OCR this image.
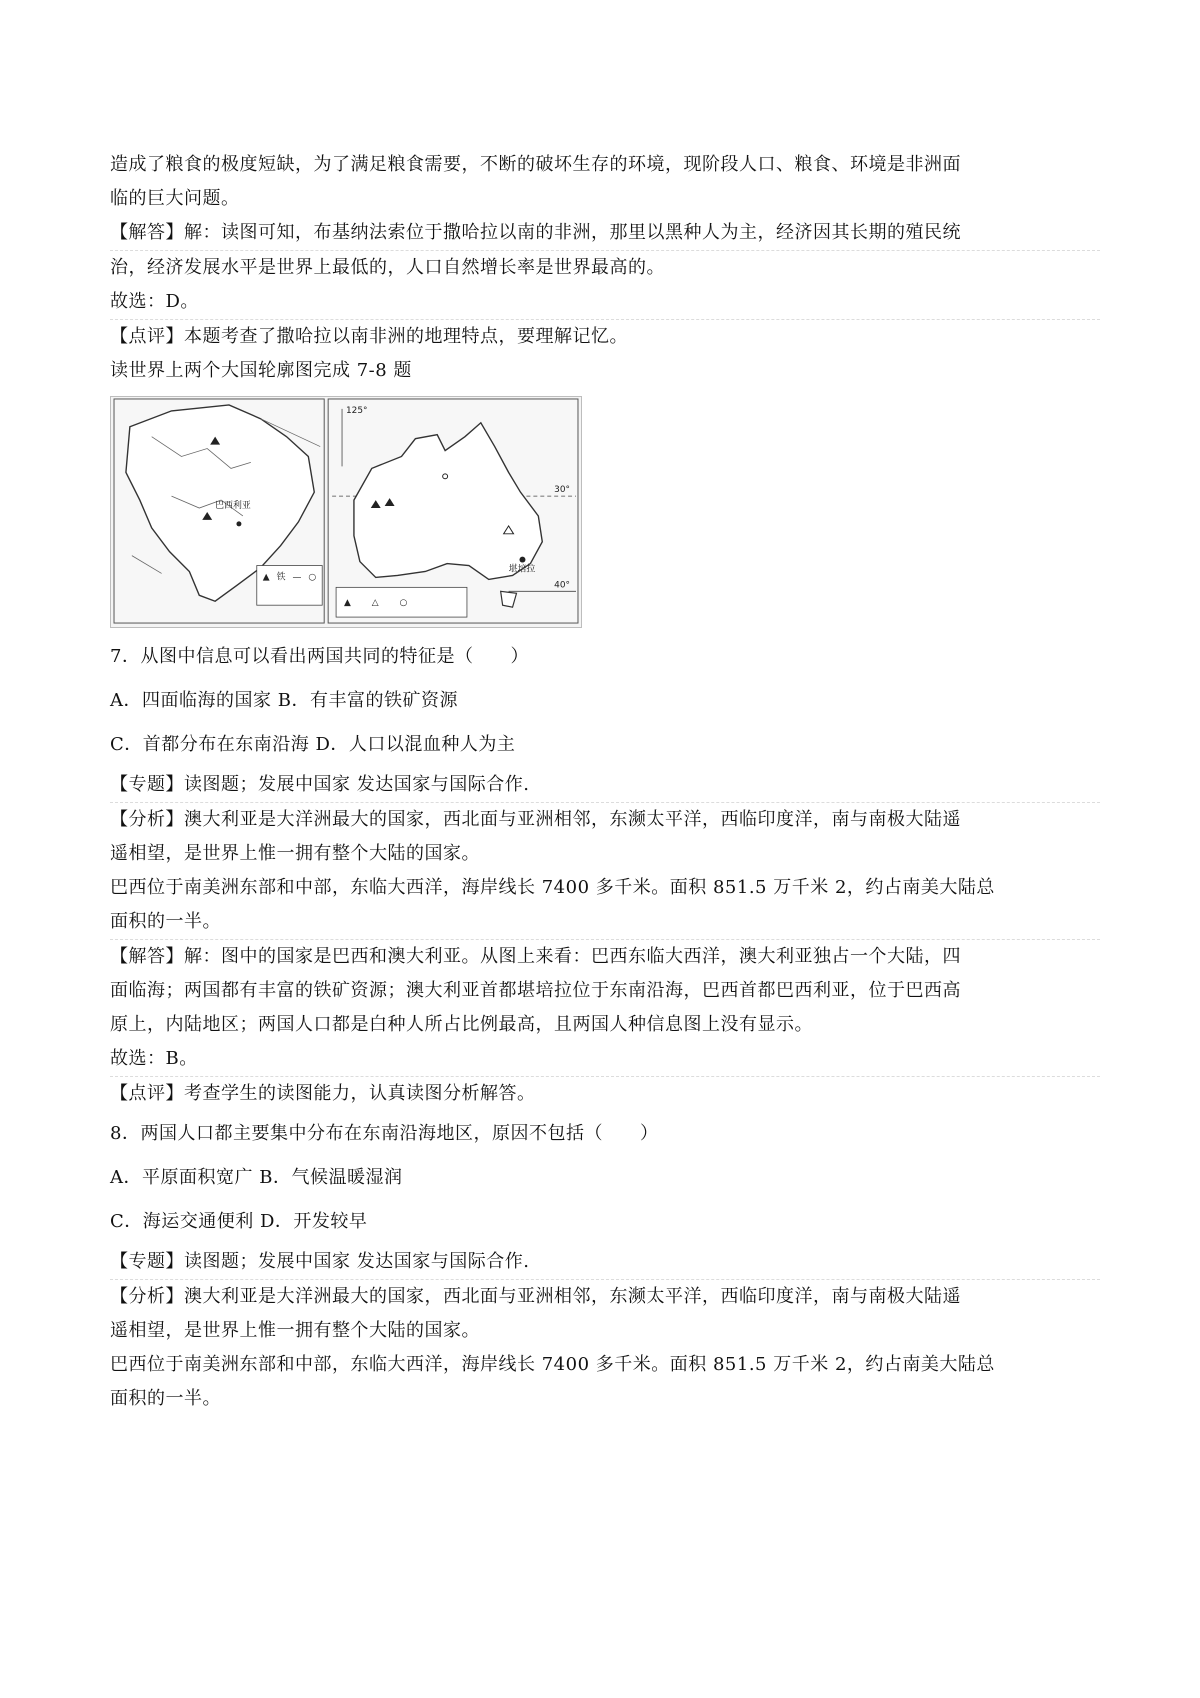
造成了粮食的极度短缺，为了满足粮食需要，不断的破坏生存的环境，现阶段人口、粮食、环境是非洲面
临的巨大问题。
【解答】解：读图可知，布基纳法索位于撒哈拉以南的非洲，那里以黑种人为主，经济因其长期的殖民统
治，经济发展水平是世界上最低的，人口自然增长率是世界最高的。
故选：D。
【点评】本题考查了撒哈拉以南非洲的地理特点，要理解记忆。
读世界上两个大国轮廓图完成 7-8 题
巴西利亚
▲ 铁 — ○
125°
30°
40°
堪培拉
▲ △ ○
7．从图中信息可以看出两国共同的特征是（　　）
A．四面临海的国家 B．有丰富的铁矿资源
C．首都分布在东南沿海 D．人口以混血种人为主
【专题】读图题；发展中国家 发达国家与国际合作.
【分析】澳大利亚是大洋洲最大的国家，西北面与亚洲相邻，东濒太平洋，西临印度洋，南与南极大陆遥
遥相望，是世界上惟一拥有整个大陆的国家。
巴西位于南美洲东部和中部，东临大西洋，海岸线长 7400 多千米。面积 851.5 万千米 2，约占南美大陆总
面积的一半。
【解答】解：图中的国家是巴西和澳大利亚。从图上来看：巴西东临大西洋，澳大利亚独占一个大陆，四
面临海；两国都有丰富的铁矿资源；澳大利亚首都堪培拉位于东南沿海，巴西首都巴西利亚，位于巴西高
原上，内陆地区；两国人口都是白种人所占比例最高，且两国人种信息图上没有显示。
故选：B。
【点评】考查学生的读图能力，认真读图分析解答。
8．两国人口都主要集中分布在东南沿海地区，原因不包括（　　）
A．平原面积宽广 B．气候温暖湿润
C．海运交通便利 D．开发较早
【专题】读图题；发展中国家 发达国家与国际合作.
【分析】澳大利亚是大洋洲最大的国家，西北面与亚洲相邻，东濒太平洋，西临印度洋，南与南极大陆遥
遥相望，是世界上惟一拥有整个大陆的国家。
巴西位于南美洲东部和中部，东临大西洋，海岸线长 7400 多千米。面积 851.5 万千米 2，约占南美大陆总
面积的一半。
